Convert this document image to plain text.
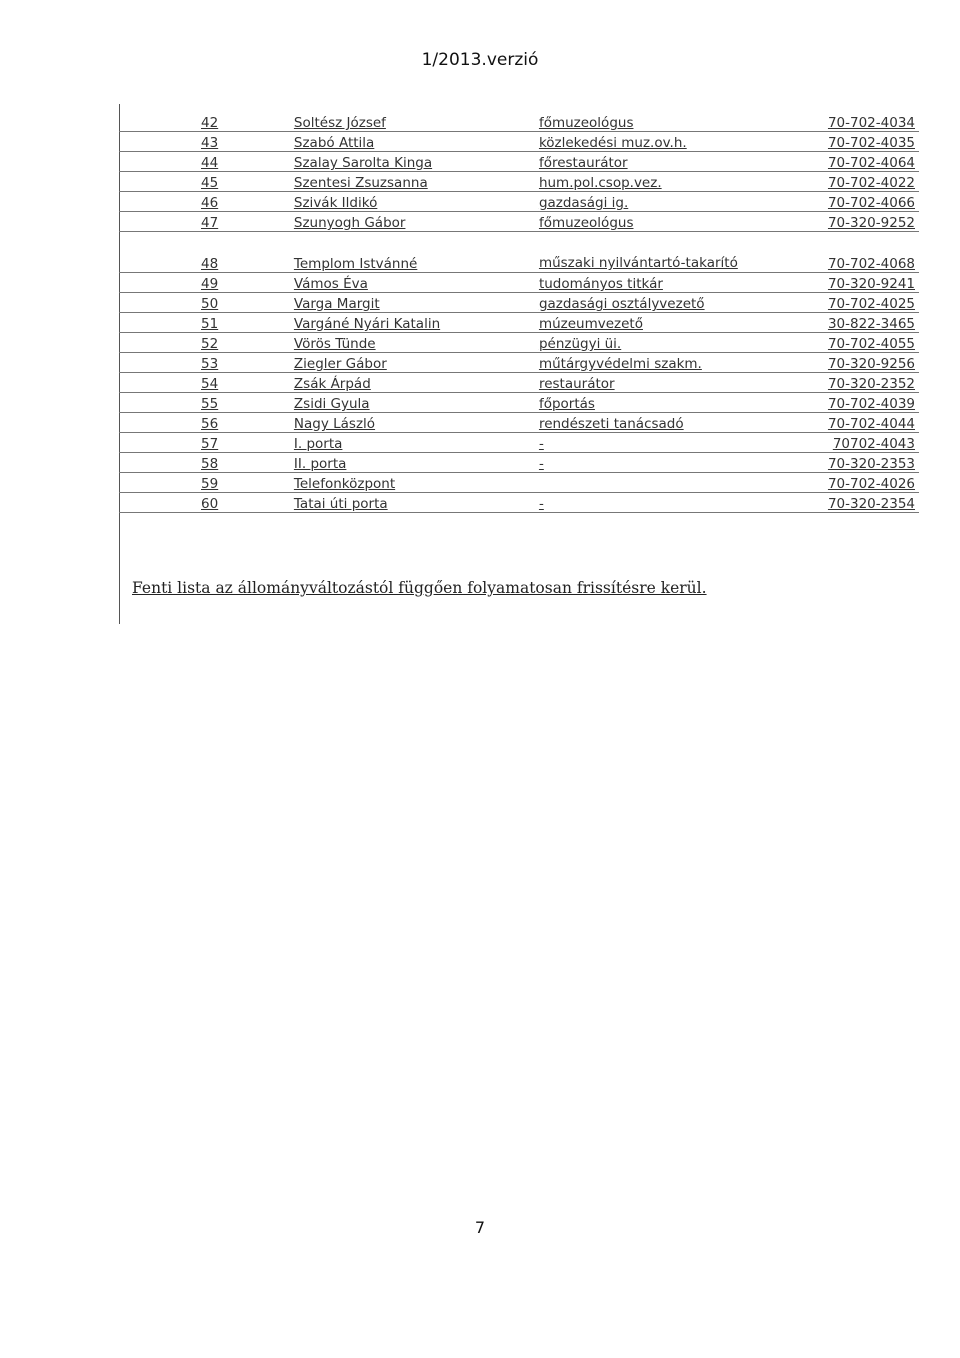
1/2013.verzió
42	Soltész József	főmuzeológus	70-702-4034
43	Szabó Attila	közlekedési muz.ov.h.	70-702-4035
44	Szalay Sarolta Kinga	főrestaurátor	70-702-4064
45	Szentesi Zsuzsanna	hum.pol.csop.vez.	70-702-4022
46	Szivák Ildikó	gazdasági ig.	70-702-4066
47	Szunyogh Gábor	főmuzeológus	70-320-9252
48	Templom Istvánné	műszaki nyilvántartó-takarító	70-702-4068
49	Vámos Éva	tudományos titkár	70-320-9241
50	Varga Margit	gazdasági osztályvezető	70-702-4025
51	Vargáné Nyári Katalin	múzeumvezető	30-822-3465
52	Vörös Tünde	pénzügyi üi.	70-702-4055
53	Ziegler Gábor	műtárgyvédelmi szakm.	70-320-9256
54	Zsák Árpád	restaurátor	70-320-2352
55	Zsidi Gyula	főportás	70-702-4039
56	Nagy László	rendészeti tanácsadó	70-702-4044
57	I. porta	-	70702-4043
58	II. porta	-	70-320-2353
59	Telefonközpont		70-702-4026
60	Tatai úti porta	-	70-320-2354
Fenti lista az állományváltozástól függően folyamatosan frissítésre kerül.
7
